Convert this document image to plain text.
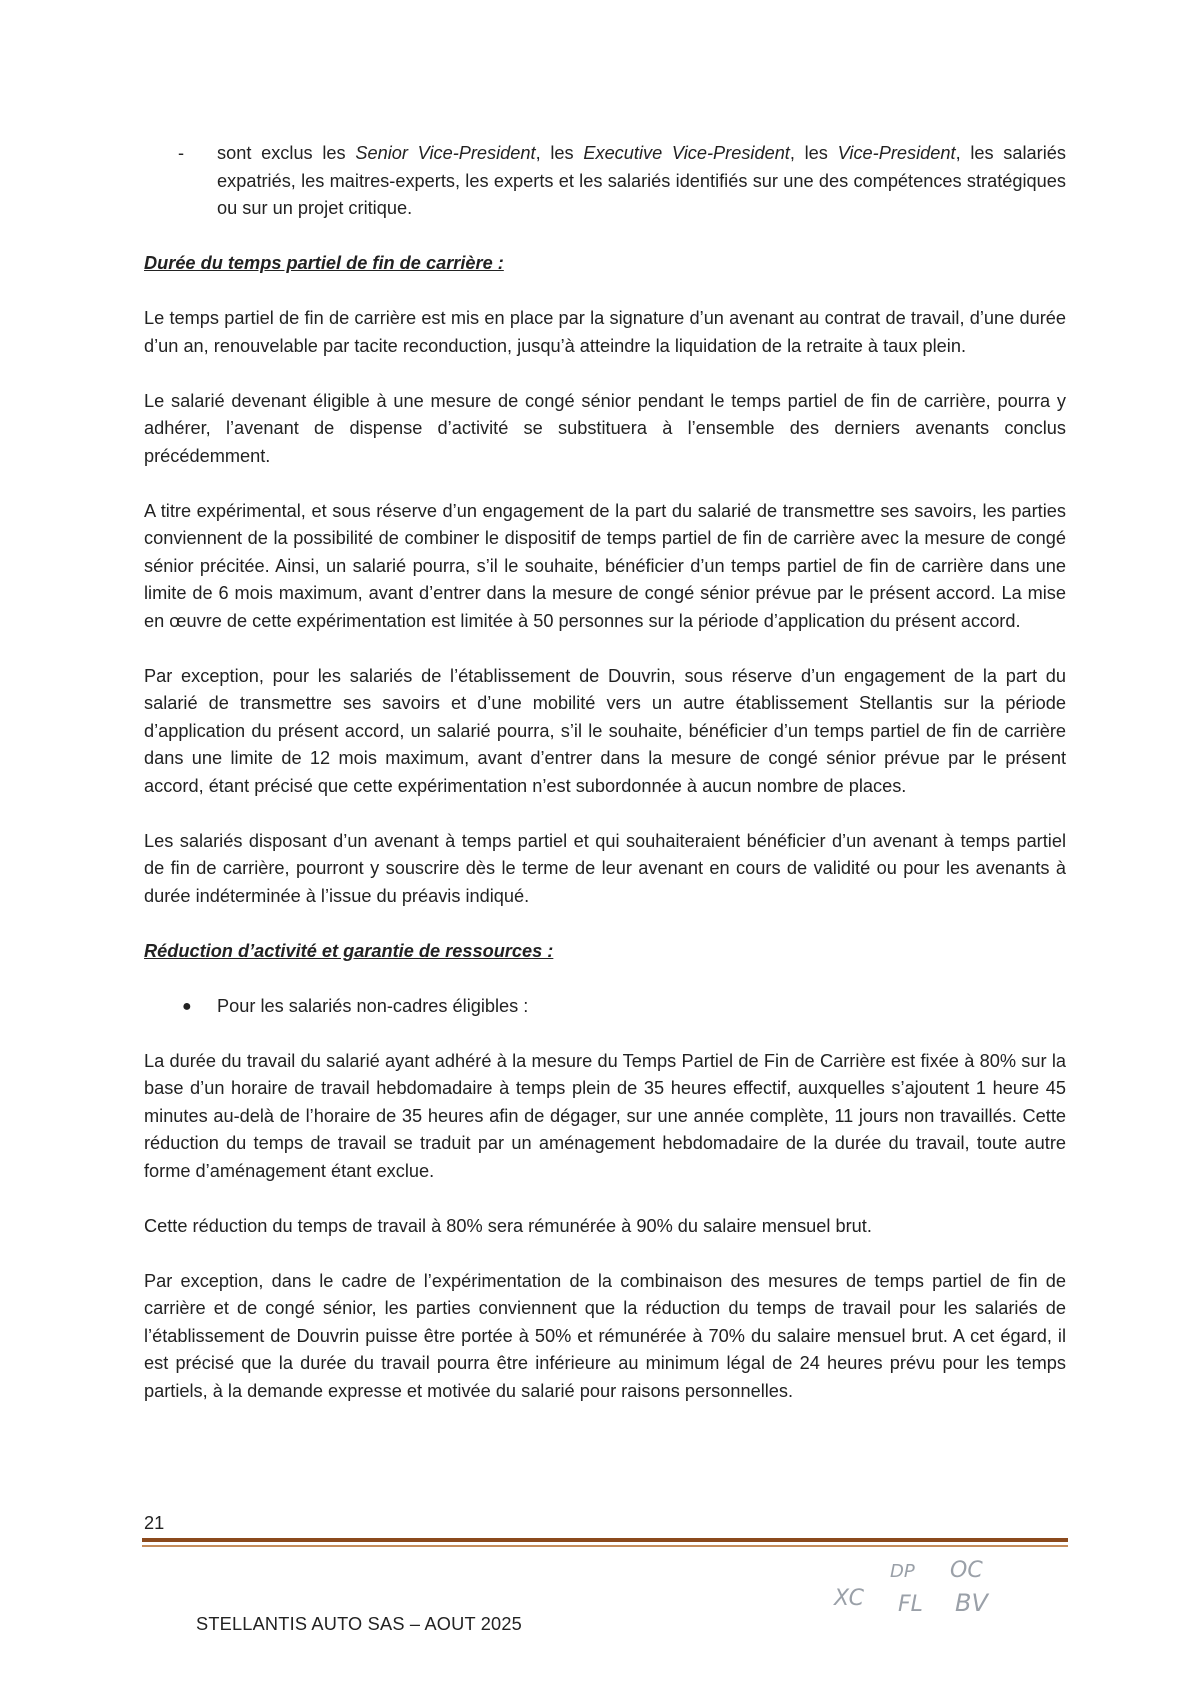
- sont exclus les Senior Vice-President, les Executive Vice-President, les Vice-President, les salariés expatriés, les maitres-experts, les experts et les salariés identifiés sur une des compétences stratégiques ou sur un projet critique.
Durée du temps partiel de fin de carrière :

Le temps partiel de fin de carrière est mis en place par la signature d’un avenant au contrat de travail, d’une durée d’un an, renouvelable par tacite reconduction, jusqu’à atteindre la liquidation de la retraite à taux plein.

Le salarié devenant éligible à une mesure de congé sénior pendant le temps partiel de fin de carrière, pourra y adhérer, l’avenant de dispense d’activité se substituera à l’ensemble des derniers avenants conclus précédemment.

A titre expérimental, et sous réserve d’un engagement de la part du salarié de transmettre ses savoirs, les parties conviennent de la possibilité de combiner le dispositif de temps partiel de fin de carrière avec la mesure de congé sénior précitée. Ainsi, un salarié pourra, s’il le souhaite, bénéficier d’un temps partiel de fin de carrière dans une limite de 6 mois maximum, avant d’entrer dans la mesure de congé sénior prévue par le présent accord. La mise en œuvre de cette expérimentation est limitée à 50 personnes sur la période d’application du présent accord.

Par exception, pour les salariés de l’établissement de Douvrin, sous réserve d’un engagement de la part du salarié de transmettre ses savoirs et d’une mobilité vers un autre établissement Stellantis sur la période d’application du présent accord, un salarié pourra, s’il le souhaite, bénéficier d’un temps partiel de fin de carrière dans une limite de 12 mois maximum, avant d’entrer dans la mesure de congé sénior prévue par le présent accord, étant précisé que cette expérimentation n’est subordonnée à aucun nombre de places.

Les salariés disposant d’un avenant à temps partiel et qui souhaiteraient bénéficier d’un avenant à temps partiel de fin de carrière, pourront y souscrire dès le terme de leur avenant en cours de validité ou pour les avenants à durée indéterminée à l’issue du préavis indiqué.

Réduction d’activité et garantie de ressources :
● Pour les salariés non-cadres éligibles :

La durée du travail du salarié ayant adhéré à la mesure du Temps Partiel de Fin de Carrière est fixée à 80% sur la base d’un horaire de travail hebdomadaire à temps plein de 35 heures effectif, auxquelles s’ajoutent 1 heure 45 minutes au-delà de l’horaire de 35 heures afin de dégager, sur une année complète, 11 jours non travaillés. Cette réduction du temps de travail se traduit par un aménagement hebdomadaire de la durée du travail, toute autre forme d’aménagement étant exclue.

Cette réduction du temps de travail à 80% sera rémunérée à 90% du salaire mensuel brut.

Par exception, dans le cadre de l’expérimentation de la combinaison des mesures de temps partiel de fin de carrière et de congé sénior, les parties conviennent que la réduction du temps de travail pour les salariés de l’établissement de Douvrin puisse être portée à 50% et rémunérée à 70% du salaire mensuel brut. A cet égard, il est précisé que la durée du travail pourra être inférieure au minimum légal de 24 heures prévu pour les temps partiels, à la demande expresse et motivée du salarié pour raisons personnelles.

21
XC
DP OC
FL BV
STELLANTIS AUTO SAS – AOUT 2025
